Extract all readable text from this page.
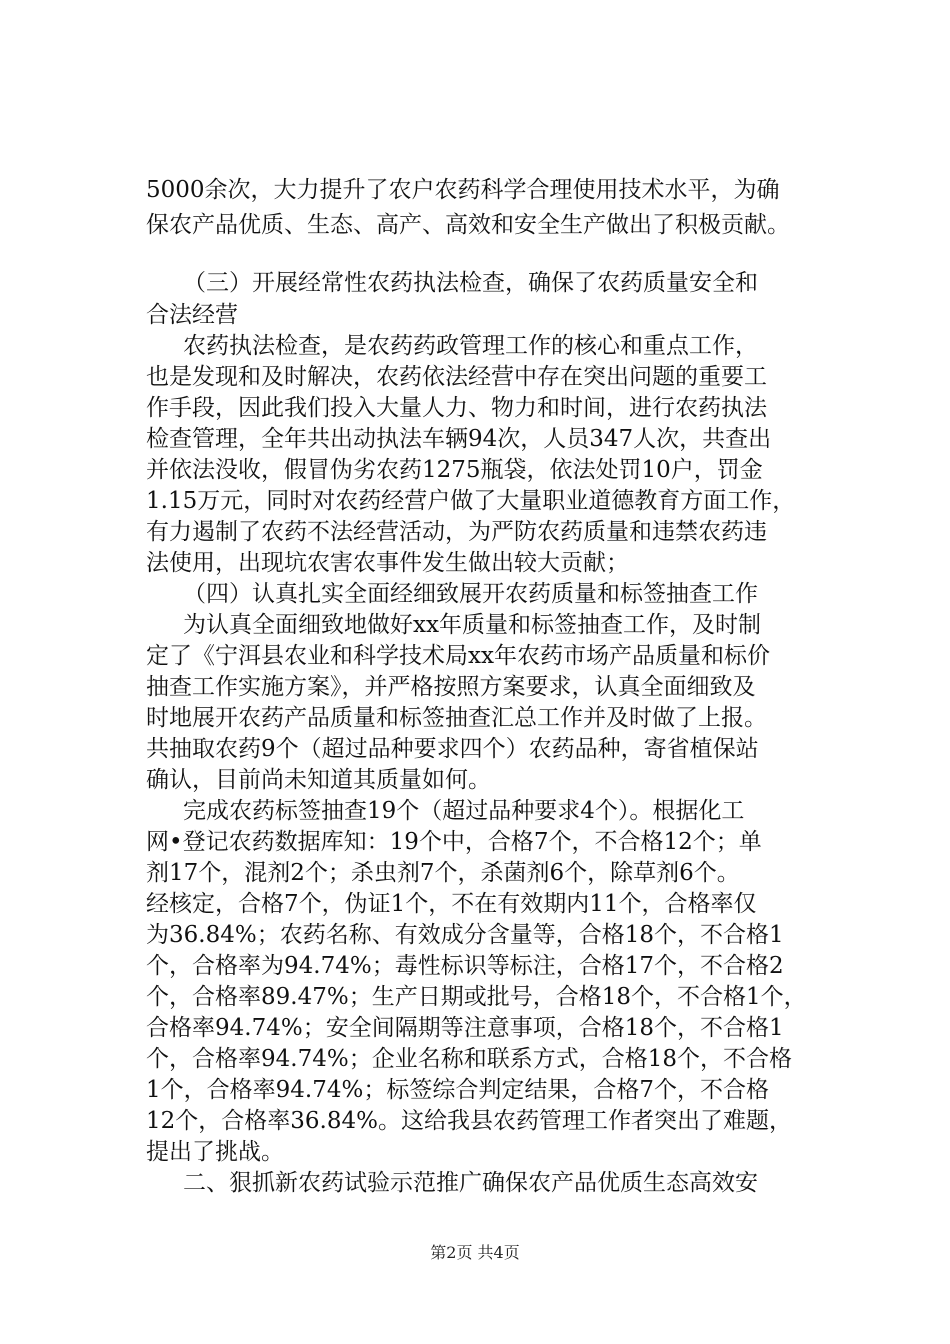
5000余次，大力提升了农户农药科学合理使用技术水平，为确
保农产品优质、生态、高产、高效和安全生产做出了积极贡献。
（三）开展经常性农药执法检查，确保了农药质量安全和
合法经营
农药执法检查，是农药药政管理工作的核心和重点工作，
也是发现和及时解决，农药依法经营中存在突出问题的重要工
作手段，因此我们投入大量人力、物力和时间，进行农药执法
检查管理，全年共出动执法车辆94次，人员347人次，共查出
并依法没收，假冒伪劣农药1275瓶袋，依法处罚10户，罚金
1.15万元，同时对农药经营户做了大量职业道德教育方面工作，
有力遏制了农药不法经营活动，为严防农药质量和违禁农药违
法使用，出现坑农害农事件发生做出较大贡献；
（四）认真扎实全面经细致展开农药质量和标签抽查工作
为认真全面细致地做好xx年质量和标签抽查工作，及时制
定了《宁洱县农业和科学技术局xx年农药市场产品质量和标价
抽查工作实施方案》，并严格按照方案要求，认真全面细致及
时地展开农药产品质量和标签抽查汇总工作并及时做了上报。
共抽取农药9个（超过品种要求四个）农药品种，寄省植保站
确认，目前尚未知道其质量如何。
完成农药标签抽查19个（超过品种要求4个）。根据化工
网•登记农药数据库知：19个中，合格7个，不合格12个；单
剂17个，混剂2个；杀虫剂7个，杀菌剂6个，除草剂6个。
经核定，合格7个，伪证1个，不在有效期内11个，合格率仅
为36.84%；农药名称、有效成分含量等，合格18个，不合格1
个，合格率为94.74%；毒性标识等标注，合格17个，不合格2
个，合格率89.47%；生产日期或批号，合格18个，不合格1个，
合格率94.74%；安全间隔期等注意事项，合格18个，不合格1
个，合格率94.74%；企业名称和联系方式，合格18个，不合格
1个，合格率94.74%；标签综合判定结果，合格7个，不合格
12个，合格率36.84%。这给我县农药管理工作者突出了难题，
提出了挑战。
二、狠抓新农药试验示范推广确保农产品优质生态高效安
第2页 共4页
